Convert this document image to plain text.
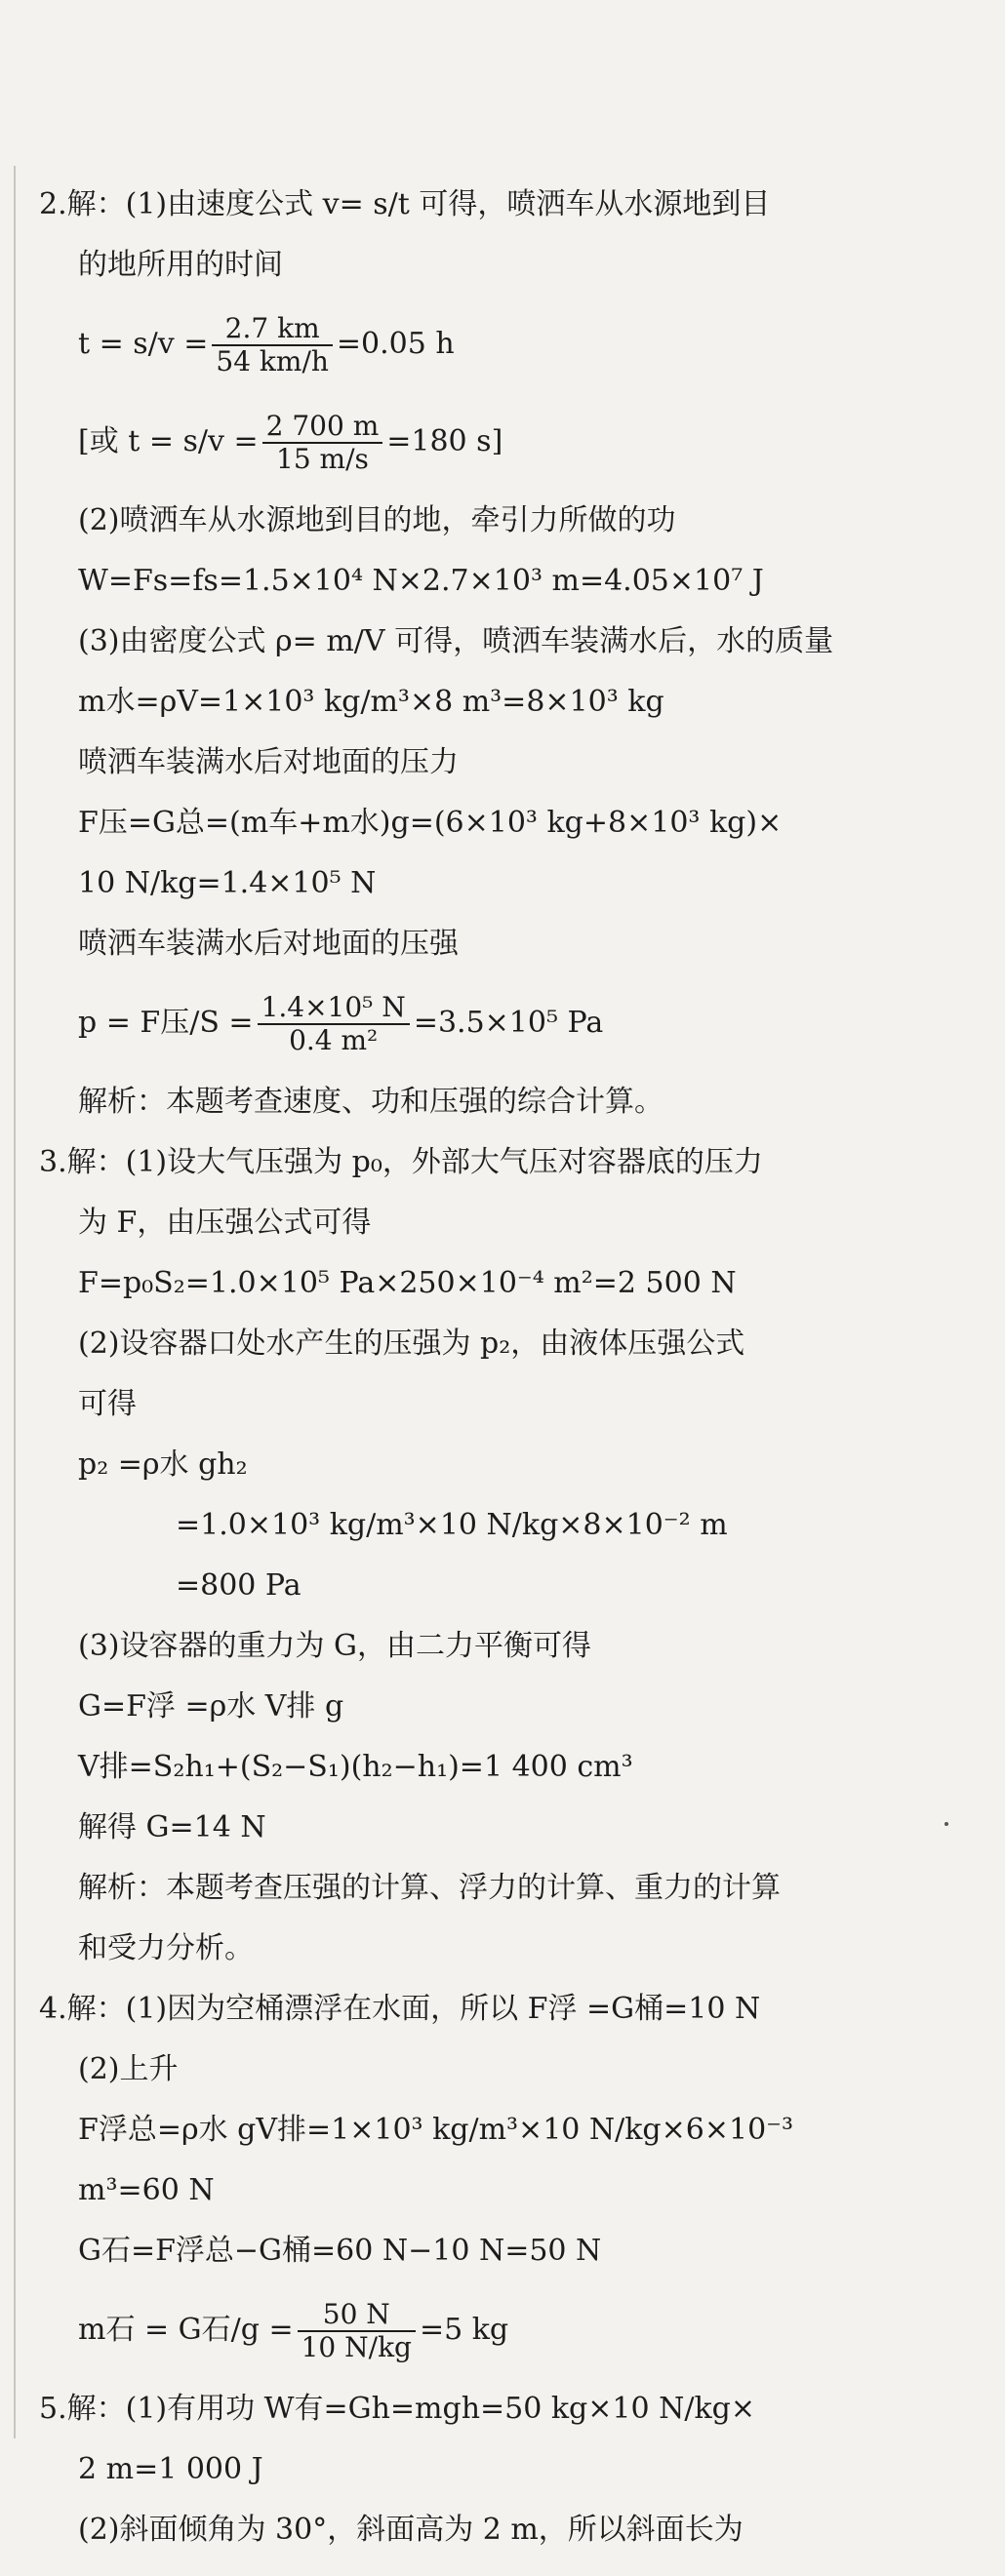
2.解：(1)由速度公式 v= s/t 可得，喷洒车从水源地到目
的地所用的时间
$t = s/v = \frac{2.7 km}{54 km/h} =0.05$ h
[或 $t = s/v = \frac{2 700 m}{15 m/s} =180$ s]
(2)喷洒车从水源地到目的地，牵引力所做的功
W=Fs=fs=1.5×10⁴ N×2.7×10³ m=4.05×10⁷ J
(3)由密度公式 ρ= m/V 可得，喷洒车装满水后，水的质量
m水=ρV=1×10³ kg/m³×8 m³=8×10³ kg
喷洒车装满水后对地面的压力
F压=G总=(m车+m水)g=(6×10³ kg+8×10³ kg)×
10 N/kg=1.4×10⁵ N
喷洒车装满水后对地面的压强
p = F压$/S = \frac{\text{1.4×10⁵ N}}{\text{0.4 m²}} =3.5\times 10^5$ Pa
解析：本题考查速度、功和压强的综合计算。
3.解：(1)设大气压强为 p₀，外部大气压对容器底的压力
为 F，由压强公式可得
F=p₀S₂=1.0×10⁵ Pa×250×10⁻⁴ m²=2 500 N
(2)设容器口处水产生的压强为 p₂，由液体压强公式
可得
p₂ =ρ水 gh₂
=1.0×10³ kg/m³×10 N/kg×8×10⁻² m
=800 Pa
(3)设容器的重力为 G，由二力平衡可得
G=F浮 =ρ水 V排 g
V排=S₂h₁+(S₂−S₁)(h₂−h₁)=1 400 cm³
解得 G=14 N
解析：本题考查压强的计算、浮力的计算、重力的计算
和受力分析。
4.解：(1)因为空桶漂浮在水面，所以 F浮 =G桶=10 N
(2)上升
F浮总=ρ水 gV排=1×10³ kg/m³×10 N/kg×6×10⁻³
m³=60 N
G石=F浮总−G桶=60 N−10 N=50 N
m石 = G石$/g = \frac{50 N}{10 N/kg} =5$ kg
5.解：(1)有用功 W有=Gh=mgh=50 kg×10 N/kg×
2 m=1 000 J
(2)斜面倾角为 30°，斜面高为 2 m，所以斜面长为
